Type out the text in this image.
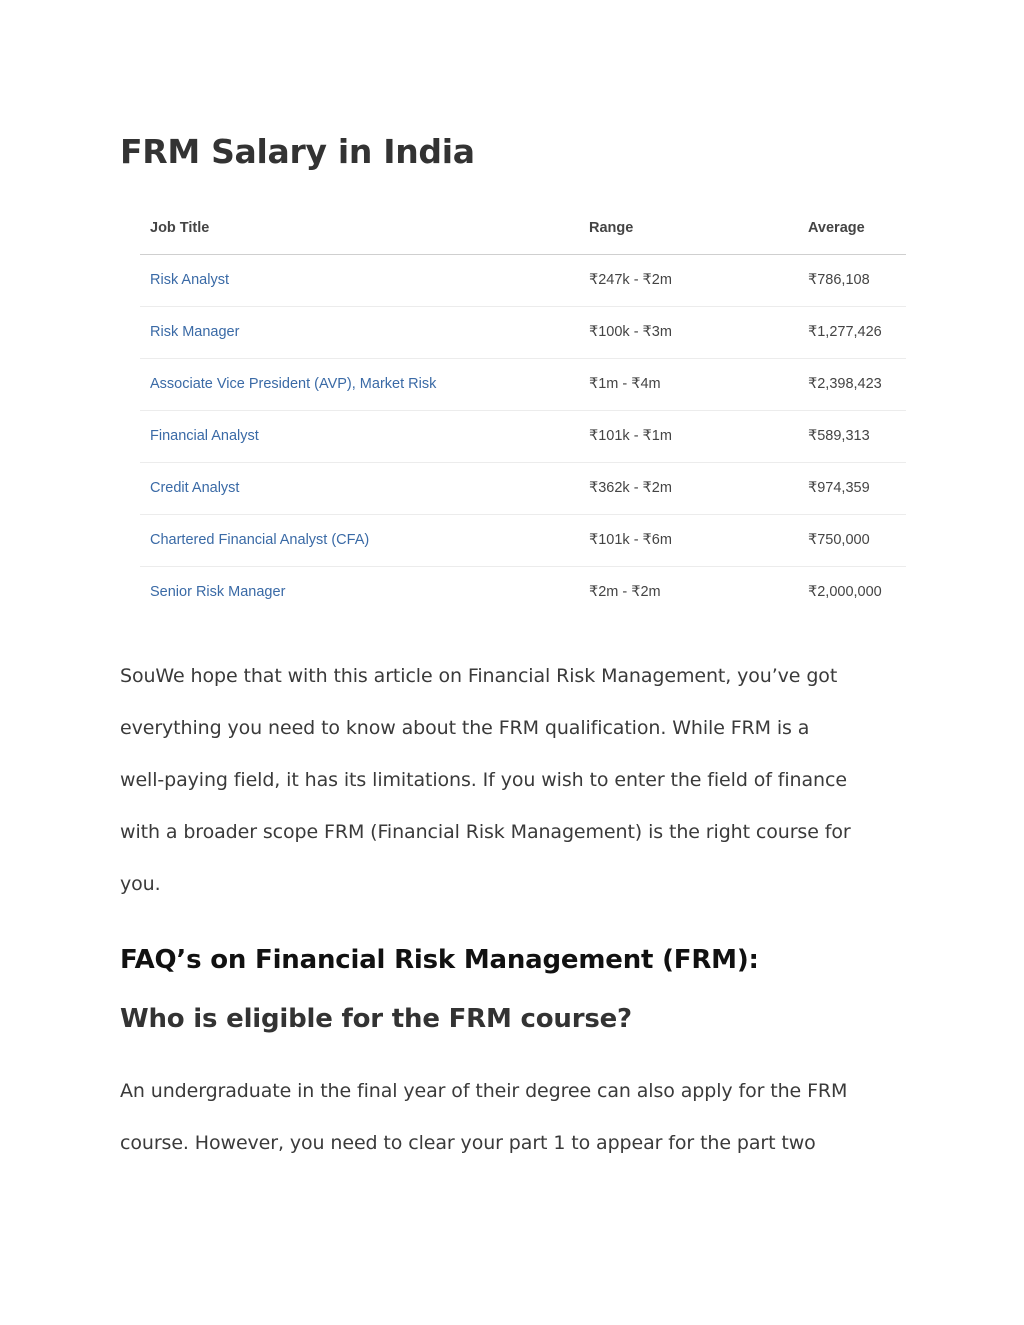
FRM Salary in India
Job Title	Range	Average
Risk Analyst	₹247k - ₹2m	₹786,108
Risk Manager	₹100k - ₹3m	₹1,277,426
Associate Vice President (AVP), Market Risk	₹1m - ₹4m	₹2,398,423
Financial Analyst	₹101k - ₹1m	₹589,313
Credit Analyst	₹362k - ₹2m	₹974,359
Chartered Financial Analyst (CFA)	₹101k - ₹6m	₹750,000
Senior Risk Manager	₹2m - ₹2m	₹2,000,000

SouWe hope that with this article on Financial Risk Management, you’ve got
everything you need to know about the FRM qualification. While FRM is a
well-paying field, it has its limitations. If you wish to enter the field of finance
with a broader scope FRM (Financial Risk Management) is the right course for
you.

FAQ’s on Financial Risk Management (FRM):
Who is eligible for the FRM course?

An undergraduate in the final year of their degree can also apply for the FRM
course. However, you need to clear your part 1 to appear for the part two
